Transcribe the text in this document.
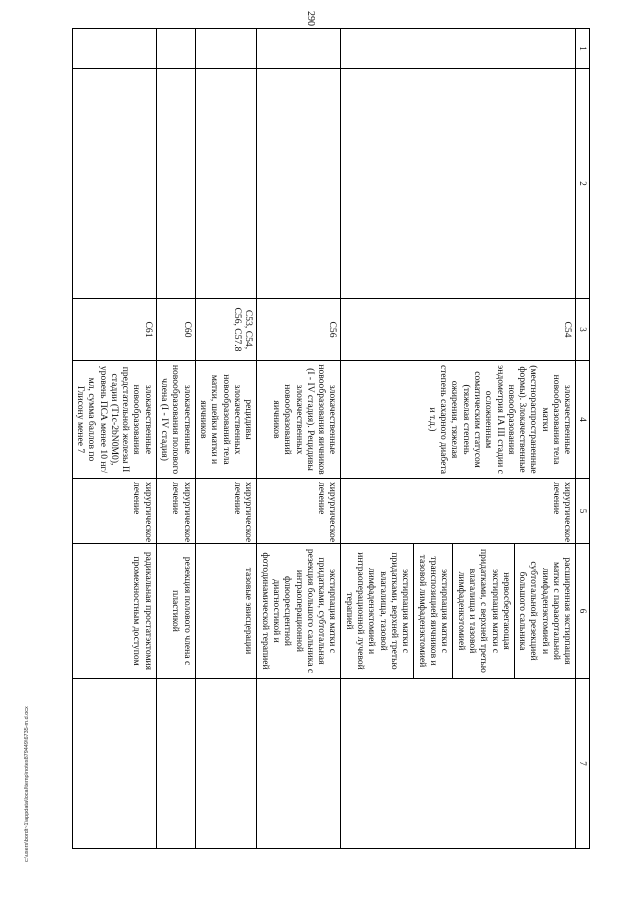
290
1	2	3	4	5	6	7
		C54	злокачественные новообразования тела матки (местнораспространенные формы). Злокачественные новообразования эндометрия IA III стадии с осложненным соматическим статусом (тяжелая степень ожирения, тяжелая степень сахарного диабета и т.д.)	хирургическое лечение	расширенная экстирпация матки с парааортальной лимфаденэктомией и субтотальной резекцией большого сальника	
					нервосберегающая экстирпация матки с придатками, с верхней третью влагалища и тазовой лимфаденкэтомией	
					экстирпация матки с транспозицией яичников и тазовой лимфаденэктомией	
					экстирпация матки с придатками, верхней третью влагалища, тазовой лимфаденэктомией и интраоперационной лучевой терапией	
		C56	злокачественные новообразования яичников (I - IV стадия). Рецидивы злокачественных новообразований яичников	хирургическое лечение	экстирпация матки с придатками, субтотальная резекция большого сальника с интраоперационной флюоресцентной диагностикой и фотодинамической терапией	
		C53, C54, C56, C57.8	рецидивы злокачественных новообразований тела матки, шейки матки и яичников	хирургическое лечение	тазовые эвисцерации	
		C60	злокачественные новообразования полового члена (I - IV стадия)	хирургическое лечение	резекция полового члена с пластикой	
		C61	злокачественные новообразования предстательной железы II стадии (T1c-2bN0M0), уровень ПСА менее 10 нг/мл, сумма баллов по Глисону менее 7	хирургическое лечение	радикальная простатэктомия промежностным доступом	
c:\users\bordt~1\appdata\local\temp\notes879449\6735-m.d.ocx
